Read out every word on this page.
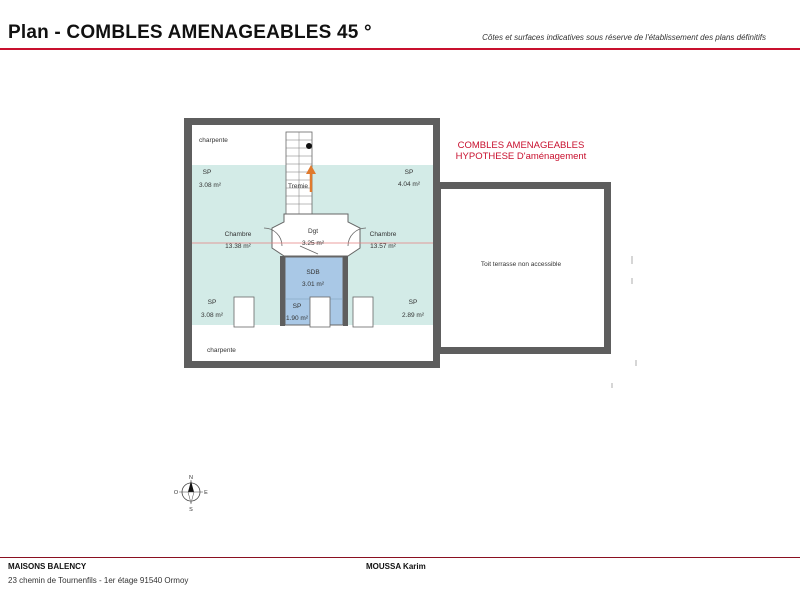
Plan - COMBLES AMENAGEABLES 45 °	Côtes et surfaces indicatives sous réserve de l'établissement des plans définitifs
charpente
charpente
SP
3.08 m²
SP
4.04 m²
Tremie
Chambre
13.38 m²
Chambre
13.57 m²
Dgt
3.25 m²
SDB
3.01 m²
SP
3.08 m²
SP
1.90 m²
SP
2.89 m²
Toit terrasse non accessible
COMBLES AMENAGEABLES
HYPOTHESE D'aménagement
N
S
O	E
MAISONS BALENCY
23 chemin de Tournenfils - 1er étage 91540 Ormoy
MOUSSA Karim
